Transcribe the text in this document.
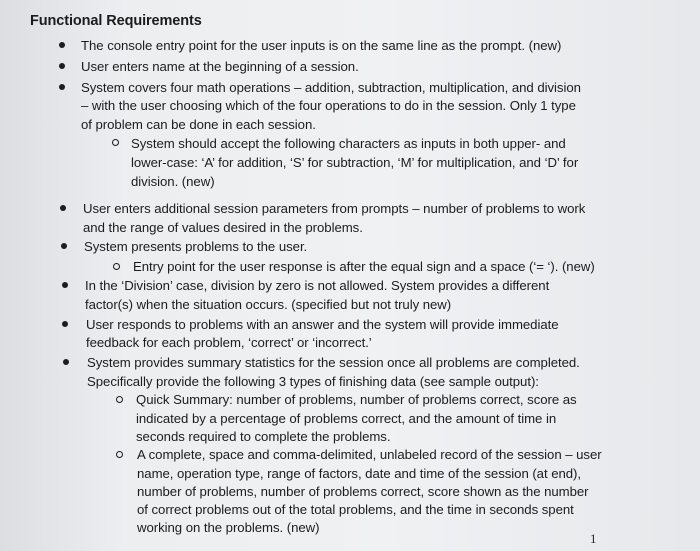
Functional Requirements
The console entry point for the user inputs is on the same line as the prompt. (new)
User enters name at the beginning of a session.
System covers four math operations – addition, subtraction, multiplication, and division
– with the user choosing which of the four operations to do in the session. Only 1 type
of problem can be done in each session.
System should accept the following characters as inputs in both upper- and
lower-case: ‘A’ for addition, ‘S’ for subtraction, ‘M’ for multiplication, and ‘D’ for
division. (new)
User enters additional session parameters from prompts – number of problems to work
and the range of values desired in the problems.
System presents problems to the user.
Entry point for the user response is after the equal sign and a space (‘= ‘). (new)
In the ‘Division’ case, division by zero is not allowed. System provides a different
factor(s) when the situation occurs. (specified but not truly new)
User responds to problems with an answer and the system will provide immediate
feedback for each problem, ‘correct’ or ‘incorrect.’
System provides summary statistics for the session once all problems are completed.
Specifically provide the following 3 types of finishing data (see sample output):
Quick Summary: number of problems, number of problems correct, score as
indicated by a percentage of problems correct, and the amount of time in
seconds required to complete the problems.
A complete, space and comma-delimited, unlabeled record of the session – user
name, operation type, range of factors, date and time of the session (at end),
number of problems, number of problems correct, score shown as the number
of correct problems out of the total problems, and the time in seconds spent
working on the problems. (new)
1
